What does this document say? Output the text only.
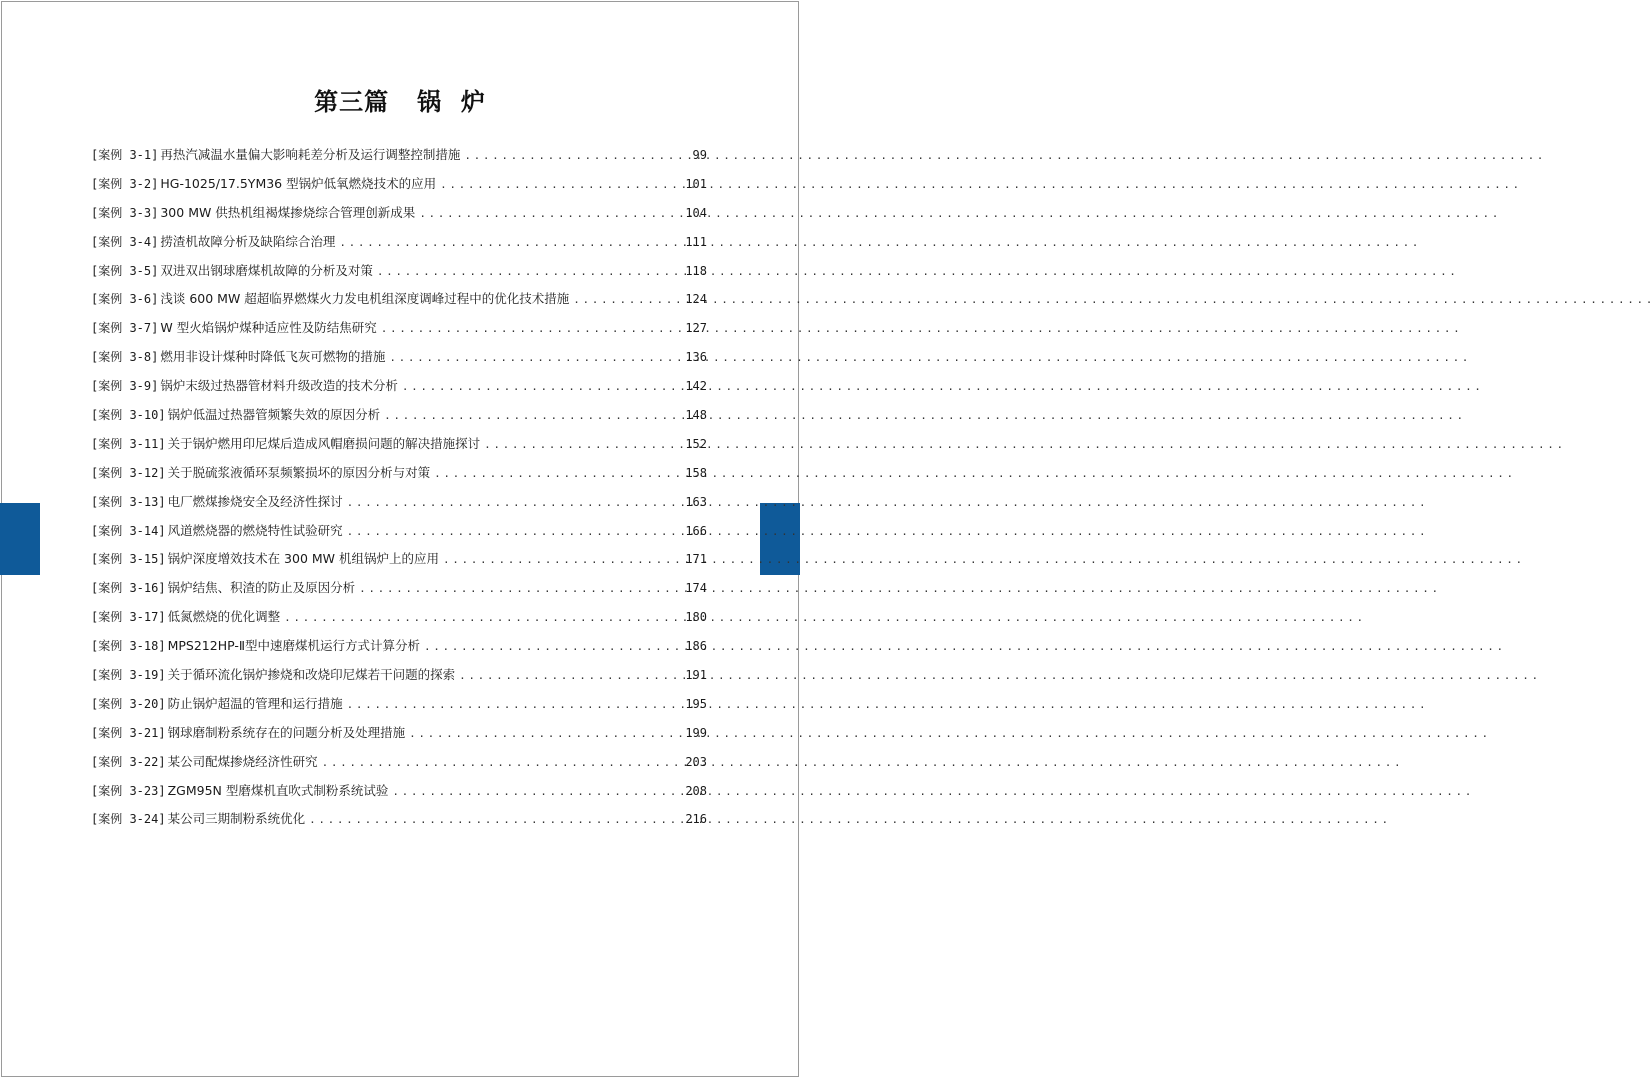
第三篇   锅  炉
[案例 3-1] 再热汽减温水量偏大影响耗差分析及运行调整控制措施 . . .	99
[案例 3-2] HG-1025/17.5YM36 型锅炉低氧燃烧技术的应用 . . .	101
[案例 3-3] 300 MW 供热机组褐煤掺烧综合管理创新成果 . . .	104
[案例 3-4] 捞渣机故障分析及缺陷综合治理 . . .	111
[案例 3-5] 双进双出钢球磨煤机故障的分析及对策 . . .	118
[案例 3-6] 浅谈 600 MW 超超临界燃煤火力发电机组深度调峰过程中的优化技术措施 . . .	124
[案例 3-7] W 型火焰锅炉煤种适应性及防结焦研究 . . .	127
[案例 3-8] 燃用非设计煤种时降低飞灰可燃物的措施 . . .	136
[案例 3-9] 锅炉末级过热器管材料升级改造的技术分析 . . .	142
[案例 3-10] 锅炉低温过热器管频繁失效的原因分析 . . .	148
[案例 3-11] 关于锅炉燃用印尼煤后造成风帽磨损问题的解决措施探讨 . . .	152
[案例 3-12] 关于脱硫浆液循环泵频繁损坏的原因分析与对策 . . .	158
[案例 3-13] 电厂燃煤掺烧安全及经济性探讨 . . .	163
[案例 3-14] 风道燃烧器的燃烧特性试验研究 . . .	166
[案例 3-15] 锅炉深度增效技术在 300 MW 机组锅炉上的应用 . . .	171
[案例 3-16] 锅炉结焦、积渣的防止及原因分析 . . .	174
[案例 3-17] 低氮燃烧的优化调整 . . .	180
[案例 3-18] MPS212HP-Ⅱ型中速磨煤机运行方式计算分析 . . .	186
[案例 3-19] 关于循环流化锅炉掺烧和改烧印尼煤若干问题的探索 . . .	191
[案例 3-20] 防止锅炉超温的管理和运行措施 . . .	195
[案例 3-21] 钢球磨制粉系统存在的问题分析及处理措施 . . .	199
[案例 3-22] 某公司配煤掺烧经济性研究 . . .	203
[案例 3-23] ZGM95N 型磨煤机直吹式制粉系统试验 . . .	208
[案例 3-24] 某公司三期制粉系统优化 . . .	216
